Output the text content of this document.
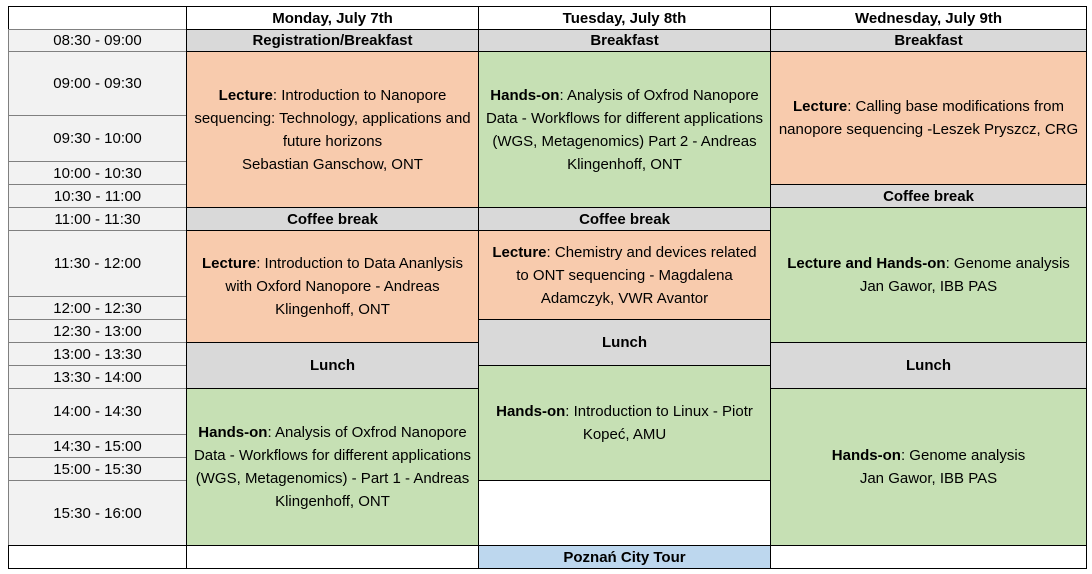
Monday, July 7th	Tuesday, July 8th	Wednesday, July 9th
08:30 - 09:00
09:00 - 09:30
09:30 - 10:00
10:00 - 10:30
10:30 - 11:00
11:00 - 11:30
11:30 - 12:00
12:00 - 12:30
12:30 - 13:00
13:00 - 13:30
13:30 - 14:00
14:00 - 14:30
14:30 - 15:00
15:00 - 15:30
15:30 - 16:00
Registration/Breakfast
Lecture: Introduction to Nanopore sequencing: Technology, applications and future horizons
Sebastian Ganschow, ONT
Coffee break
Lecture: Introduction to Data Ananlysis with Oxford Nanopore - Andreas Klingenhoff, ONT
Lunch
Hands-on: Analysis of Oxfrod Nanopore Data - Workflows for different applications (WGS, Metagenomics) - Part 1 - Andreas Klingenhoff, ONT
Breakfast
Hands-on: Analysis of Oxfrod Nanopore Data - Workflows for different applications (WGS, Metagenomics) Part 2 - Andreas Klingenhoff, ONT
Coffee break
Lecture: Chemistry and devices related to ONT sequencing - Magdalena Adamczyk, VWR Avantor
Lunch
Hands-on: Introduction to Linux - Piotr Kopeć, AMU
Poznań City Tour
Breakfast
Lecture: Calling base modifications from nanopore sequencing -Leszek Pryszcz, CRG
Coffee break
Lecture and Hands-on: Genome analysis
Jan Gawor, IBB PAS
Lunch
Hands-on: Genome analysis
Jan Gawor, IBB PAS
